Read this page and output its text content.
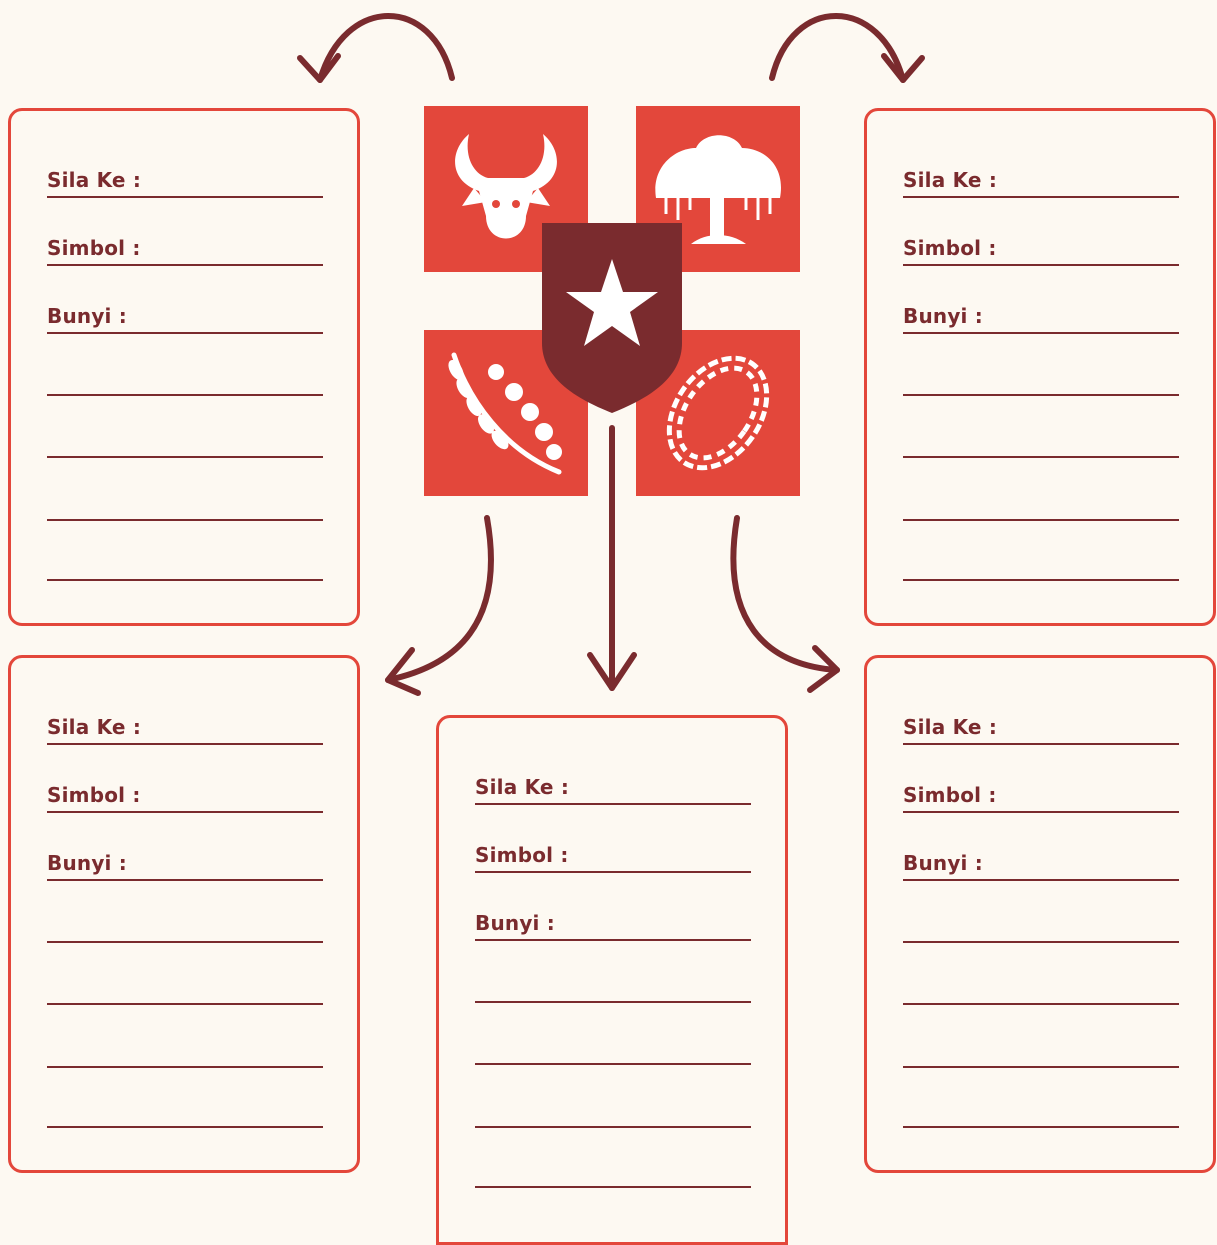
Sila Ke :
Simbol :
Bunyi :
Sila Ke :
Simbol :
Bunyi :
Sila Ke :
Simbol :
Bunyi :
Sila Ke :
Simbol :
Bunyi :
Sila Ke :
Simbol :
Bunyi :
